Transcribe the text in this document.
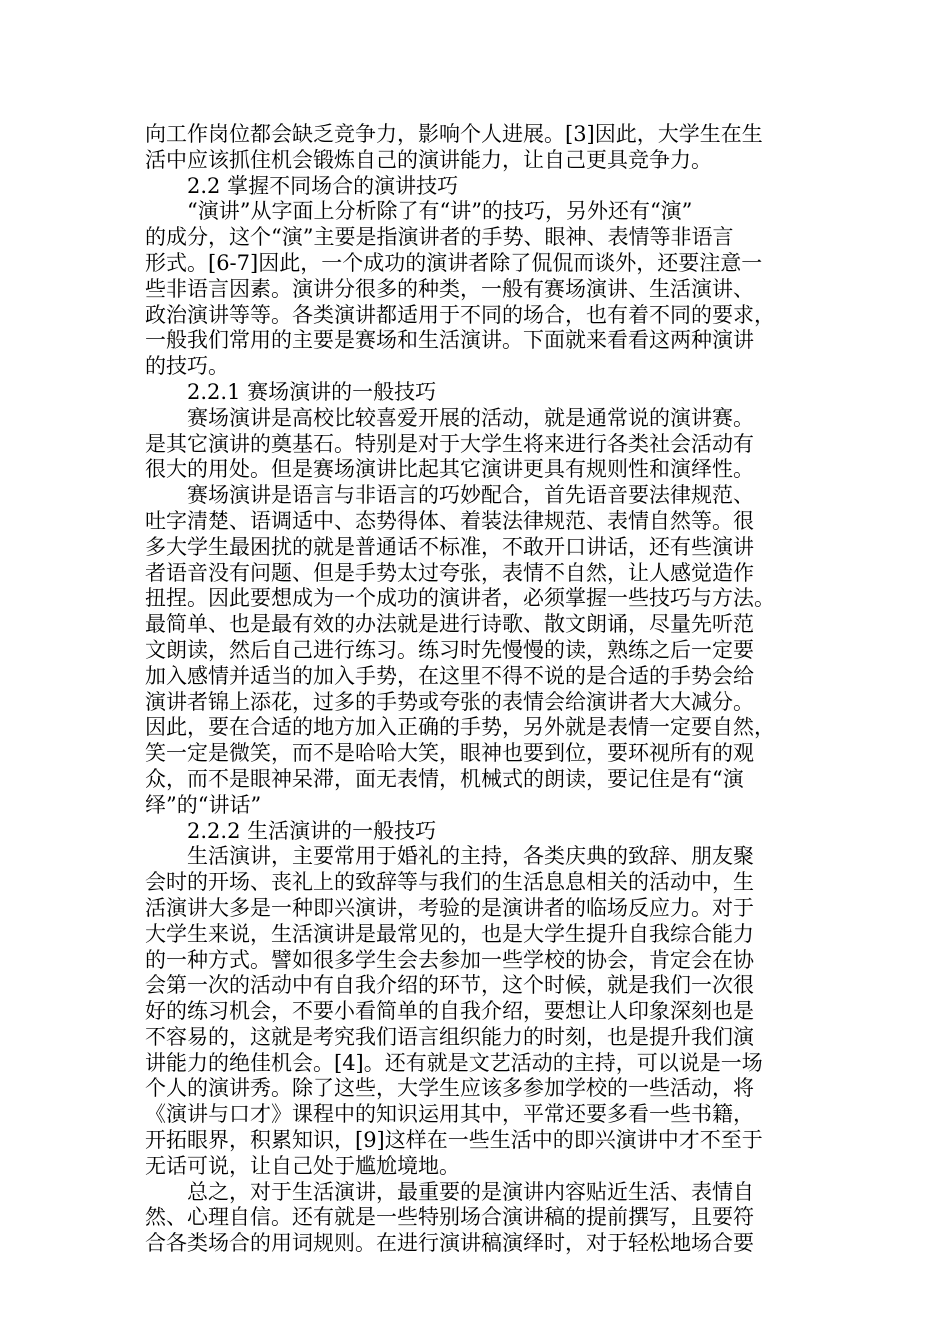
向工作岗位都会缺乏竞争力，影响个人进展。[3]因此，大学生在生
活中应该抓住机会锻炼自己的演讲能力，让自己更具竞争力。
2.2 掌握不同场合的演讲技巧
“演讲”从字面上分析除了有“讲”的技巧，另外还有“演”
的成分，这个“演”主要是指演讲者的手势、眼神、表情等非语言
形式。[6-7]因此，一个成功的演讲者除了侃侃而谈外，还要注意一
些非语言因素。演讲分很多的种类，一般有赛场演讲、生活演讲、
政治演讲等等。各类演讲都适用于不同的场合，也有着不同的要求，
一般我们常用的主要是赛场和生活演讲。下面就来看看这两种演讲
的技巧。
2.2.1 赛场演讲的一般技巧
赛场演讲是高校比较喜爱开展的活动，就是通常说的演讲赛。
是其它演讲的奠基石。特别是对于大学生将来进行各类社会活动有
很大的用处。但是赛场演讲比起其它演讲更具有规则性和演绎性。
赛场演讲是语言与非语言的巧妙配合，首先语音要法律规范、
吐字清楚、语调适中、态势得体、着装法律规范、表情自然等。很
多大学生最困扰的就是普通话不标准，不敢开口讲话，还有些演讲
者语音没有问题、但是手势太过夸张，表情不自然，让人感觉造作
扭捏。因此要想成为一个成功的演讲者，必须掌握一些技巧与方法。
最简单、也是最有效的办法就是进行诗歌、散文朗诵，尽量先听范
文朗读，然后自己进行练习。练习时先慢慢的读，熟练之后一定要
加入感情并适当的加入手势，在这里不得不说的是合适的手势会给
演讲者锦上添花，过多的手势或夸张的表情会给演讲者大大减分。
因此，要在合适的地方加入正确的手势，另外就是表情一定要自然，
笑一定是微笑，而不是哈哈大笑，眼神也要到位，要环视所有的观
众，而不是眼神呆滞，面无表情，机械式的朗读，要记住是有“演
绎”的“讲话”
2.2.2 生活演讲的一般技巧
生活演讲，主要常用于婚礼的主持，各类庆典的致辞、朋友聚
会时的开场、丧礼上的致辞等与我们的生活息息相关的活动中，生
活演讲大多是一种即兴演讲，考验的是演讲者的临场反应力。对于
大学生来说，生活演讲是最常见的，也是大学生提升自我综合能力
的一种方式。譬如很多学生会去参加一些学校的协会，肯定会在协
会第一次的活动中有自我介绍的环节，这个时候，就是我们一次很
好的练习机会，不要小看简单的自我介绍，要想让人印象深刻也是
不容易的，这就是考究我们语言组织能力的时刻，也是提升我们演
讲能力的绝佳机会。[4]。还有就是文艺活动的主持，可以说是一场
个人的演讲秀。除了这些，大学生应该多参加学校的一些活动，将
《演讲与口才》课程中的知识运用其中，平常还要多看一些书籍，
开拓眼界，积累知识，[9]这样在一些生活中的即兴演讲中才不至于
无话可说，让自己处于尴尬境地。
总之，对于生活演讲，最重要的是演讲内容贴近生活、表情自
然、心理自信。还有就是一些特别场合演讲稿的提前撰写，且要符
合各类场合的用词规则。在进行演讲稿演绎时，对于轻松地场合要
